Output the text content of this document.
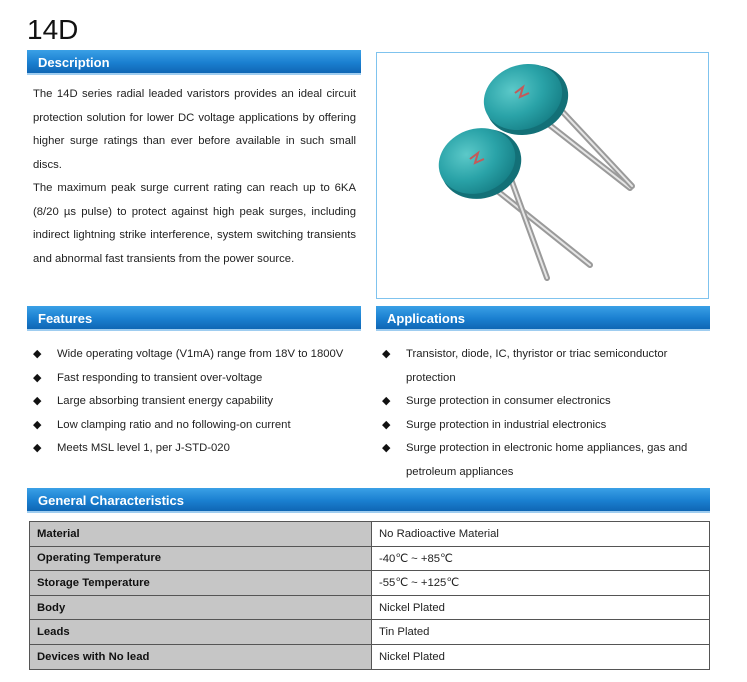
14D
Description

The 14D series radial leaded varistors provides an ideal circuit protection solution for lower DC voltage applications by offering higher surge ratings than ever before available in such small discs.

The maximum peak surge current rating can reach up to 6KA (8/20 µs pulse) to protect against high peak surges, including indirect lightning strike interference, system switching transients and abnormal fast transients from the power source.

Features
◆ Wide operating voltage (V1mA) range from 18V to 1800V
◆ Fast responding to transient over-voltage
◆ Large absorbing transient energy capability
◆ Low clamping ratio and no following-on current
◆ Meets MSL level 1, per J-STD-020
Applications
◆ Transistor, diode, IC, thyristor or triac semiconductor protection
◆ Surge protection in consumer electronics
◆ Surge protection in industrial electronics
◆ Surge protection in electronic home appliances, gas and petroleum appliances
General Characteristics
Material	No Radioactive Material
Operating Temperature	-40℃ ~ +85℃
Storage Temperature	-55℃ ~ +125℃
Body	Nickel Plated
Leads	Tin Plated
Devices with No lead	Nickel Plated
